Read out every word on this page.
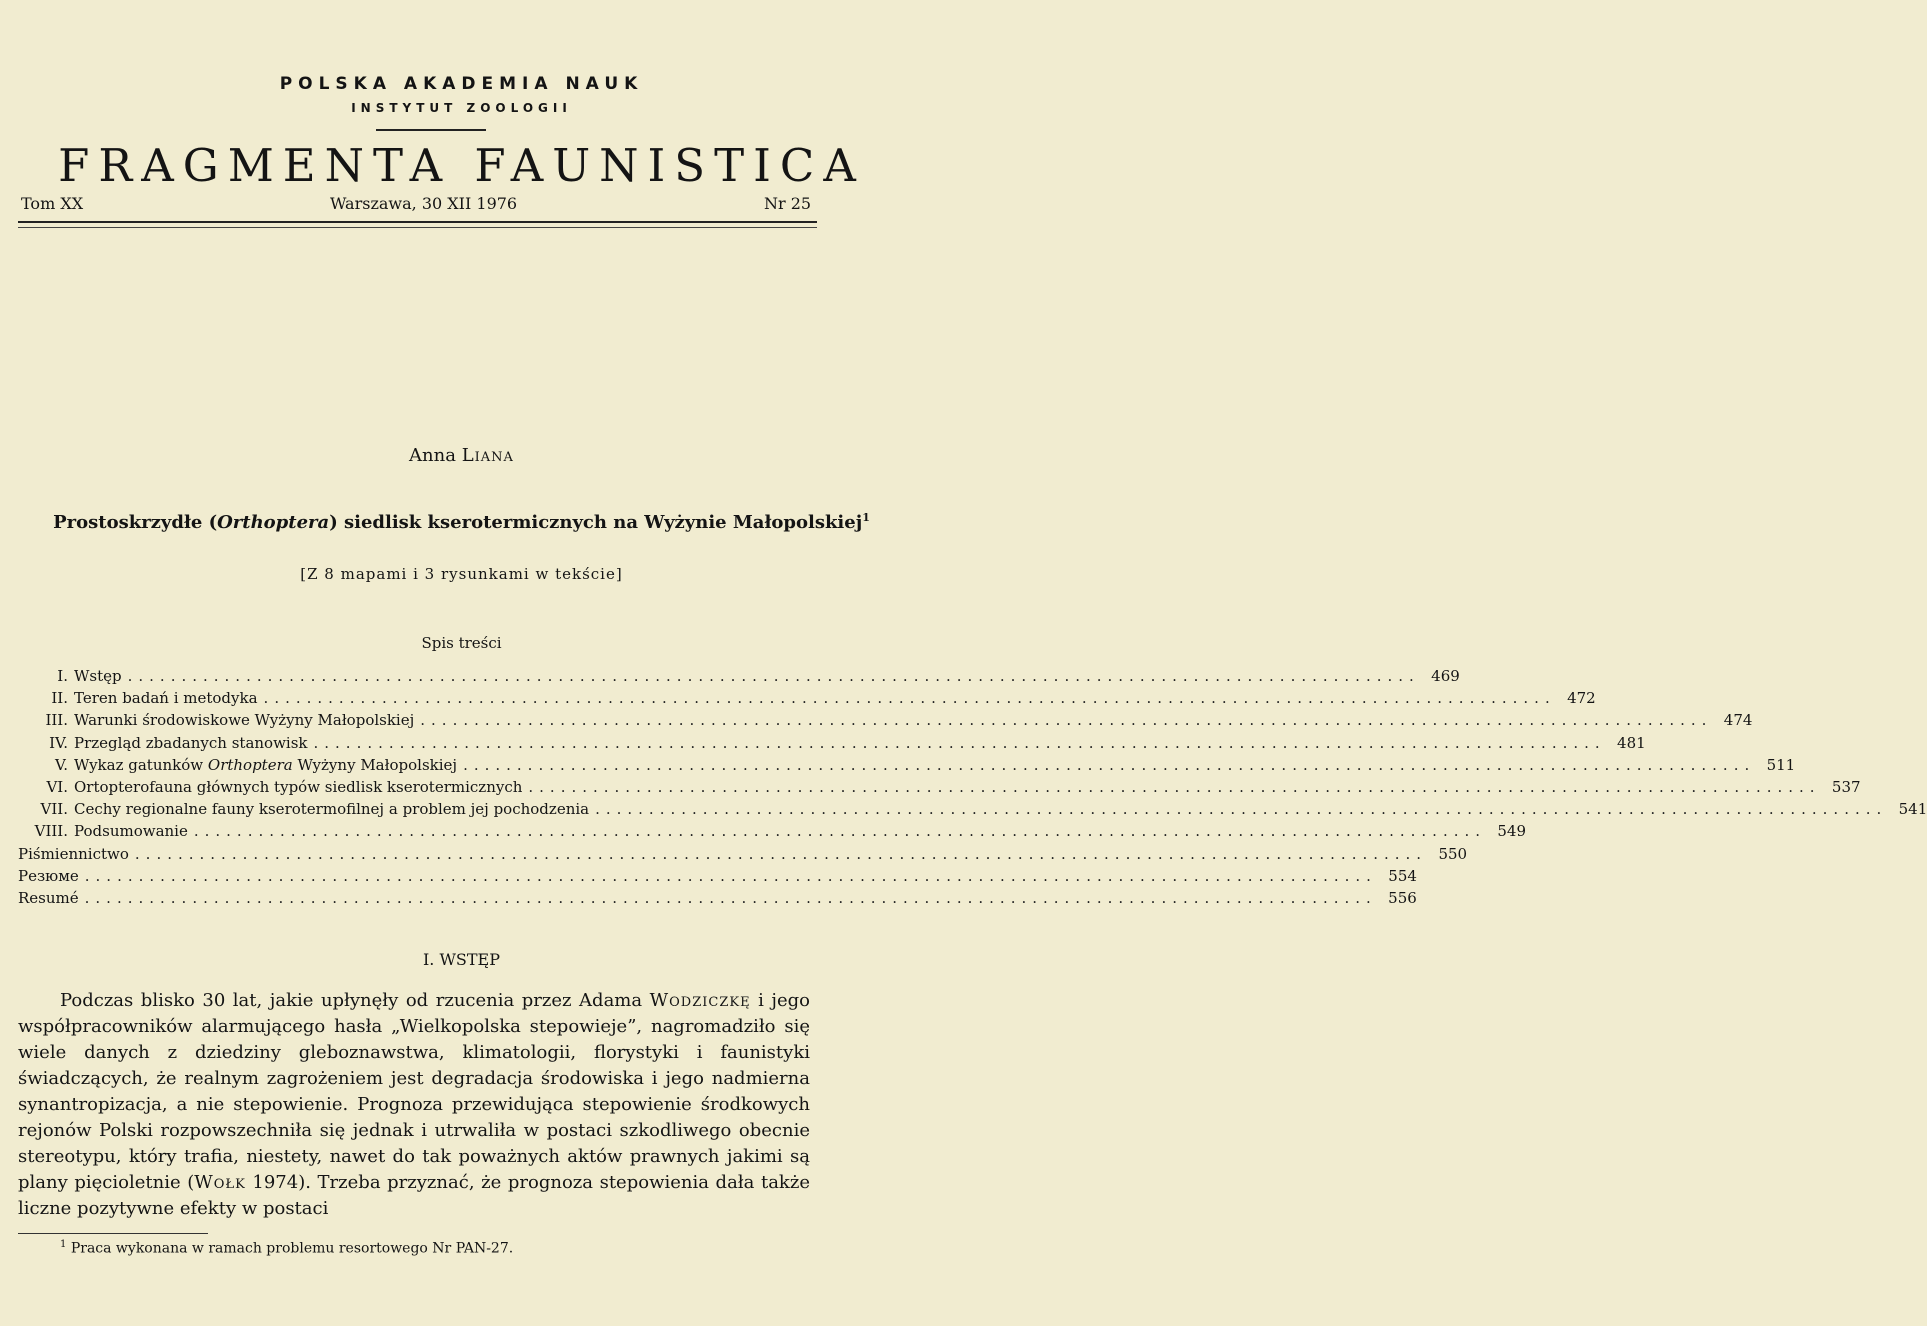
POLSKA AKADEMIA NAUK
INSTYTUT ZOOLOGII
FRAGMENTA FAUNISTICA
Tom XX	Warszawa, 30 XII 1976	Nr 25
Anna Liana
Prostoskrzydłe (Orthoptera) siedlisk kserotermicznych na Wyżynie Małopolskiej$^1$
[Z 8 mapami i 3 rysunkami w tekście]
Spis treści
I. Wstęp ........................................................................................................................ 469
II. Teren badań i metodyka ........................................................................................................................ 472
III. Warunki środowiskowe Wyżyny Małopolskiej ........................................................................................................................ 474
IV. Przegląd zbadanych stanowisk ........................................................................................................................ 481
V. Wykaz gatunków Orthoptera Wyżyny Małopolskiej ........................................................................................................................ 511
VI. Ortopterofauna głównych typów siedlisk kserotermicznych ........................................................................................................................ 537
VII. Cechy regionalne fauny kserotermofilnej a problem jej pochodzenia ........................................................................................................................ 541
VIII. Podsumowanie ........................................................................................................................ 549
Piśmiennictwo ........................................................................................................................ 550
Резюме ........................................................................................................................ 554
Resumé ........................................................................................................................ 556
I. WSTĘP

Podczas blisko 30 lat, jakie upłynęły od rzucenia przez Adama Wodziczkę i jego współpracowników alarmującego hasła „Wielkopolska stepowieje”, nagromadziło się wiele danych z dziedziny gleboznawstwa, klimatologii, florystyki i faunistyki świadczących, że realnym zagrożeniem jest degradacja środowiska i jego nadmierna synantropizacja, a nie stepowienie. Prognoza przewidująca stepowienie środkowych rejonów Polski rozpowszechniła się jednak i utrwaliła w postaci szkodliwego obecnie stereotypu, który trafia, niestety, nawet do tak poważnych aktów prawnych jakimi są plany pięcioletnie (Wołk 1974). Trzeba przyznać, że prognoza stepowienia dała także liczne pozytywne efekty w postaci

$^1$ Praca wykonana w ramach problemu resortowego Nr PAN-27.
